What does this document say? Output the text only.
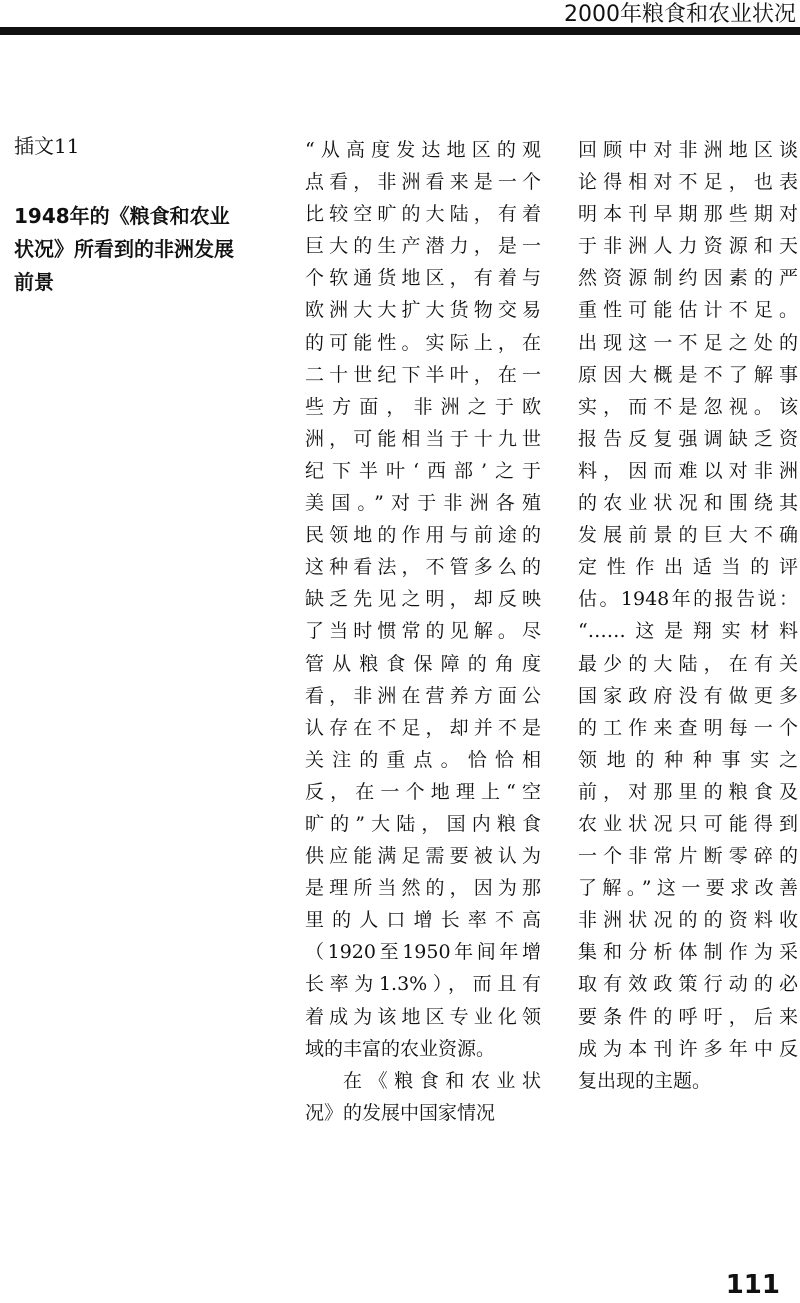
2000年粮食和农业状况
插文11
1948年的《粮食和农业状况》所看到的非洲发展前景
“从高度发达地区的观
点看，非洲看来是一个
比较空旷的大陆，有着
巨大的生产潜力，是一
个软通货地区，有着与
欧洲大大扩大货物交易
的可能性。实际上，在
二十世纪下半叶，在一
些方面，非洲之于欧
洲，可能相当于十九世
纪下半叶‘西部’之于
美国。”对于非洲各殖
民领地的作用与前途的
这种看法，不管多么的
缺乏先见之明，却反映
了当时惯常的见解。尽
管从粮食保障的角度
看，非洲在营养方面公
认存在不足，却并不是
关注的重点。恰恰相
反，在一个地理上“空
旷的”大陆，国内粮食
供应能满足需要被认为
是理所当然的，因为那
里的人口增长率不高
（1920至1950年间年增
长率为1.3%），而且有
着成为该地区专业化领
域的丰富的农业资源。
在《粮食和农业状
况》的发展中国家情况
回顾中对非洲地区谈
论得相对不足，也表
明本刊早期那些期对
于非洲人力资源和天
然资源制约因素的严
重性可能估计不足。
出现这一不足之处的
原因大概是不了解事
实，而不是忽视。该
报告反复强调缺乏资
料，因而难以对非洲
的农业状况和围绕其
发展前景的巨大不确
定性作出适当的评
估。1948年的报告说：
“……这是翔实材料
最少的大陆，在有关
国家政府没有做更多
的工作来查明每一个
领地的种种事实之
前，对那里的粮食及
农业状况只可能得到
一个非常片断零碎的
了解。”这一要求改善
非洲状况的的资料收
集和分析体制作为采
取有效政策行动的必
要条件的呼吁，后来
成为本刊许多年中反
复出现的主题。
111
